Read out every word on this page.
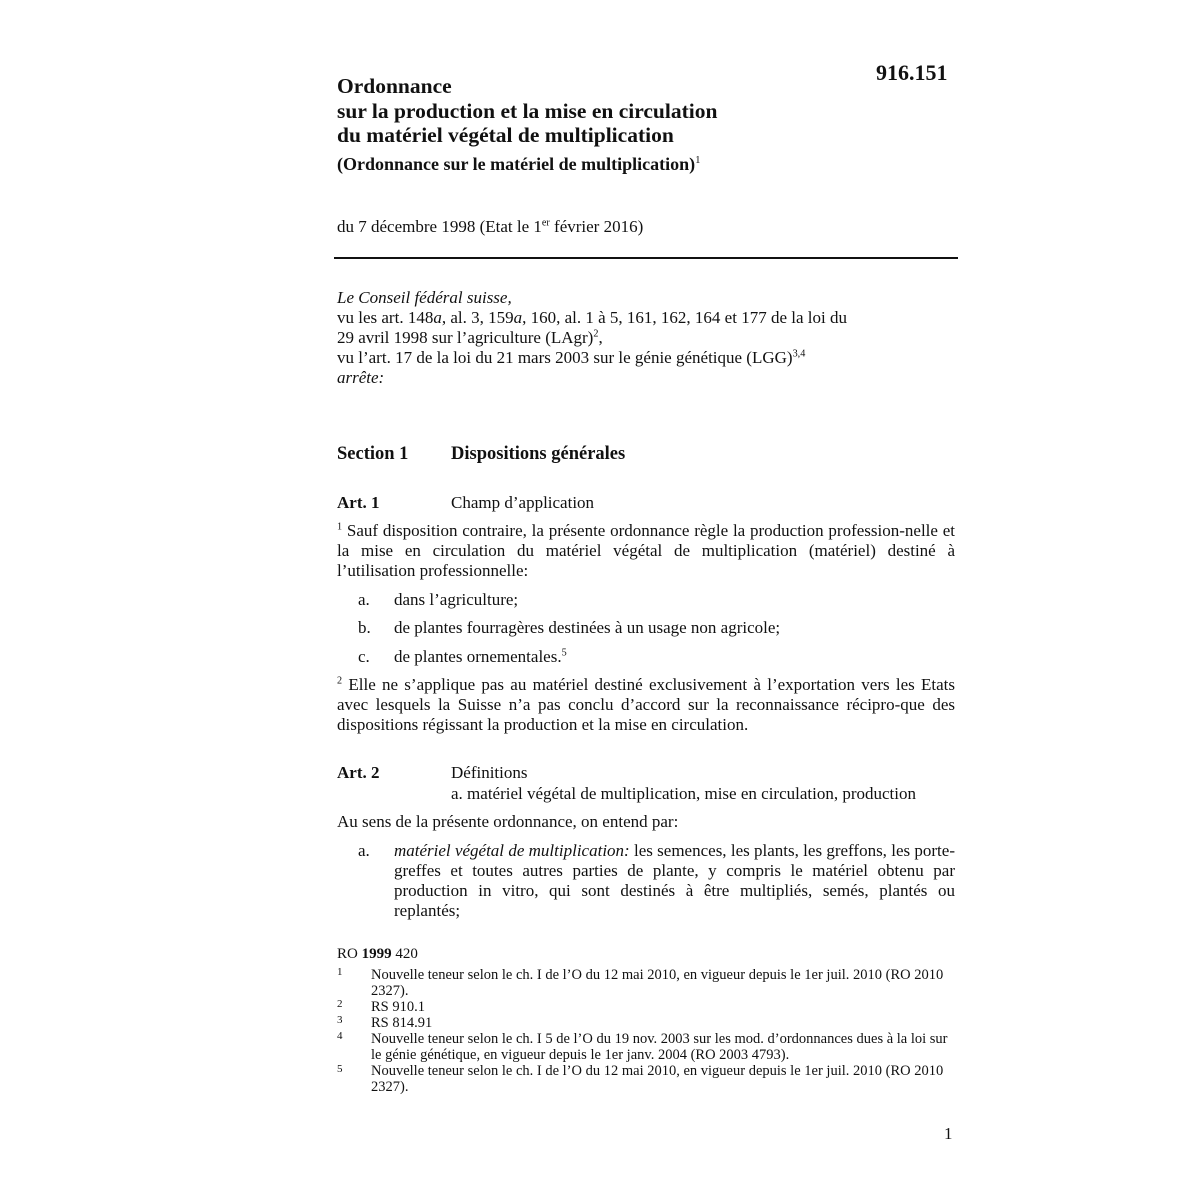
916.151
Ordonnance
sur la production et la mise en circulation
du matériel végétal de multiplication
(Ordonnance sur le matériel de multiplication)$^1$
du 7 décembre 1998 (Etat le 1er février 2016)
Le Conseil fédéral suisse,
vu les art. 148a, al. 3, 159a, 160, al. 1 à 5, 161, 162, 164 et 177 de la loi du
29 avril 1998 sur l’agriculture (LAgr)$^2$,
vu l’art. 17 de la loi du 21 mars 2003 sur le génie génétique (LGG)$^{3,4}$
arrête:
Section 1 Dispositions générales
Art. 1	Champ d’application
$^1$ Sauf disposition contraire, la présente ordonnance règle la production profession-nelle et la mise en circulation du matériel végétal de multiplication (matériel) destiné à l’utilisation professionnelle:
a. dans l’agriculture;
b. de plantes fourragères destinées à un usage non agricole;
c. de plantes ornementales.$^5$
$^2$ Elle ne s’applique pas au matériel destiné exclusivement à l’exportation vers les Etats avec lesquels la Suisse n’a pas conclu d’accord sur la reconnaissance récipro-que des dispositions régissant la production et la mise en circulation.
Art. 2	Définitions
a. matériel végétal de multiplication, mise en circulation, production
Au sens de la présente ordonnance, on entend par:
a. matériel végétal de multiplication: les semences, les plants, les greffons, les porte-greffes et toutes autres parties de plante, y compris le matériel obtenu par production in vitro, qui sont destinés à être multipliés, semés, plantés ou replantés;
RO 1999 420
1 Nouvelle teneur selon le ch. I de l’O du 12 mai 2010, en vigueur depuis le 1er juil. 2010 (RO 2010 2327).
2 RS 910.1
3 RS 814.91
4 Nouvelle teneur selon le ch. I 5 de l’O du 19 nov. 2003 sur les mod. d’ordonnances dues à la loi sur le génie génétique, en vigueur depuis le 1er janv. 2004 (RO 2003 4793).
5 Nouvelle teneur selon le ch. I de l’O du 12 mai 2010, en vigueur depuis le 1er juil. 2010 (RO 2010 2327).
1
